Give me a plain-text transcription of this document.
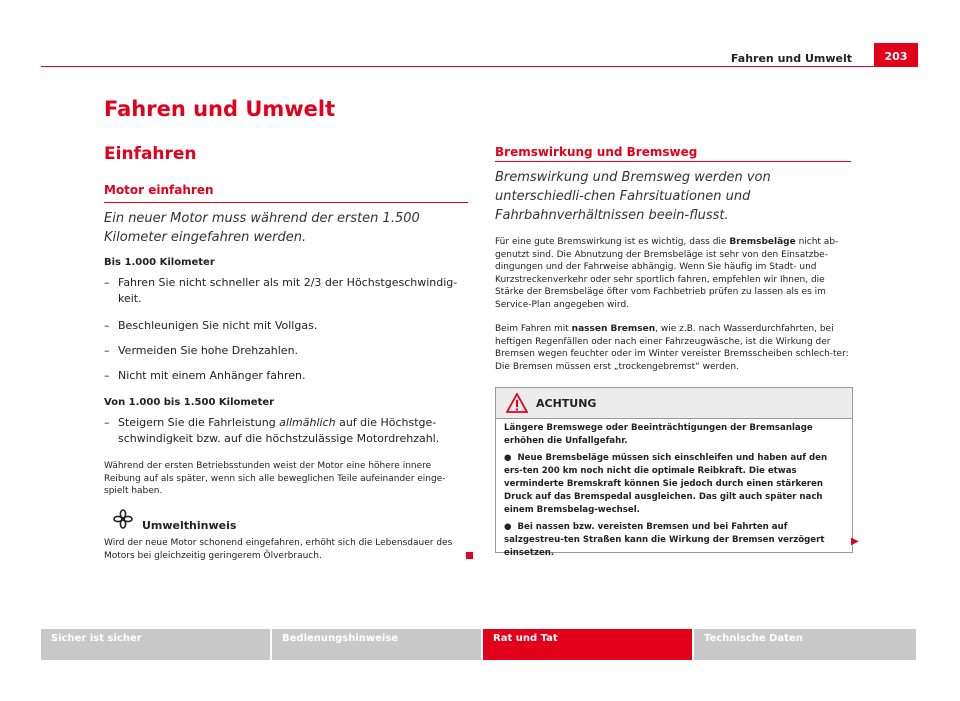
Fahren und Umwelt	203
Fahren und Umwelt
Einfahren
Motor einfahren
Ein neuer Motor muss während der ersten 1.500 Kilometer eingefahren werden.
Bis 1.000 Kilometer
– Fahren Sie nicht schneller als mit 2/3 der Höchstgeschwindig-keit.
– Beschleunigen Sie nicht mit Vollgas.
– Vermeiden Sie hohe Drehzahlen.
– Nicht mit einem Anhänger fahren.
Von 1.000 bis 1.500 Kilometer
– Steigern Sie die Fahrleistung allmählich auf die Höchstge-schwindigkeit bzw. auf die höchstzulässige Motordrehzahl.
Während der ersten Betriebsstunden weist der Motor eine höhere innere Reibung auf als später, wenn sich alle beweglichen Teile aufeinander einge-spielt haben.
Umwelthinweis
Wird der neue Motor schonend eingefahren, erhöht sich die Lebensdauer des Motors bei gleichzeitig geringerem Ölverbrauch.
Bremswirkung und Bremsweg
Bremswirkung und Bremsweg werden von unterschiedli-chen Fahrsituationen und Fahrbahnverhältnissen beein-flusst.
Für eine gute Bremswirkung ist es wichtig, dass die Bremsbeläge nicht ab-genutzt sind. Die Abnutzung der Bremsbeläge ist sehr von den Einsatzbe-dingungen und der Fahrweise abhängig. Wenn Sie häufig im Stadt- und Kurzstreckenverkehr oder sehr sportlich fahren, empfehlen wir Ihnen, die Stärke der Bremsbeläge öfter vom Fachbetrieb prüfen zu lassen als es im Service-Plan angegeben wird.
Beim Fahren mit nassen Bremsen, wie z.B. nach Wasserdurchfahrten, bei heftigen Regenfällen oder nach einer Fahrzeugwäsche, ist die Wirkung der Bremsen wegen feuchter oder im Winter vereister Bremsscheiben schlech-ter: Die Bremsen müssen erst „trockengebremst“ werden.
ACHTUNG

Längere Bremswege oder Beeinträchtigungen der Bremsanlage erhöhen die Unfallgefahr.

●  Neue Bremsbeläge müssen sich einschleifen und haben auf den ers-ten 200 km noch nicht die optimale Reibkraft. Die etwas verminderte Bremskraft können Sie jedoch durch einen stärkeren Druck auf das Bremspedal ausgleichen. Das gilt auch später nach einem Bremsbelag-wechsel.

●  Bei nassen bzw. vereisten Bremsen und bei Fahrten auf salzgestreu-ten Straßen kann die Wirkung der Bremsen verzögert einsetzen.

▶
Sicher ist sicher	Bedienungshinweise	Rat und Tat	Technische Daten
